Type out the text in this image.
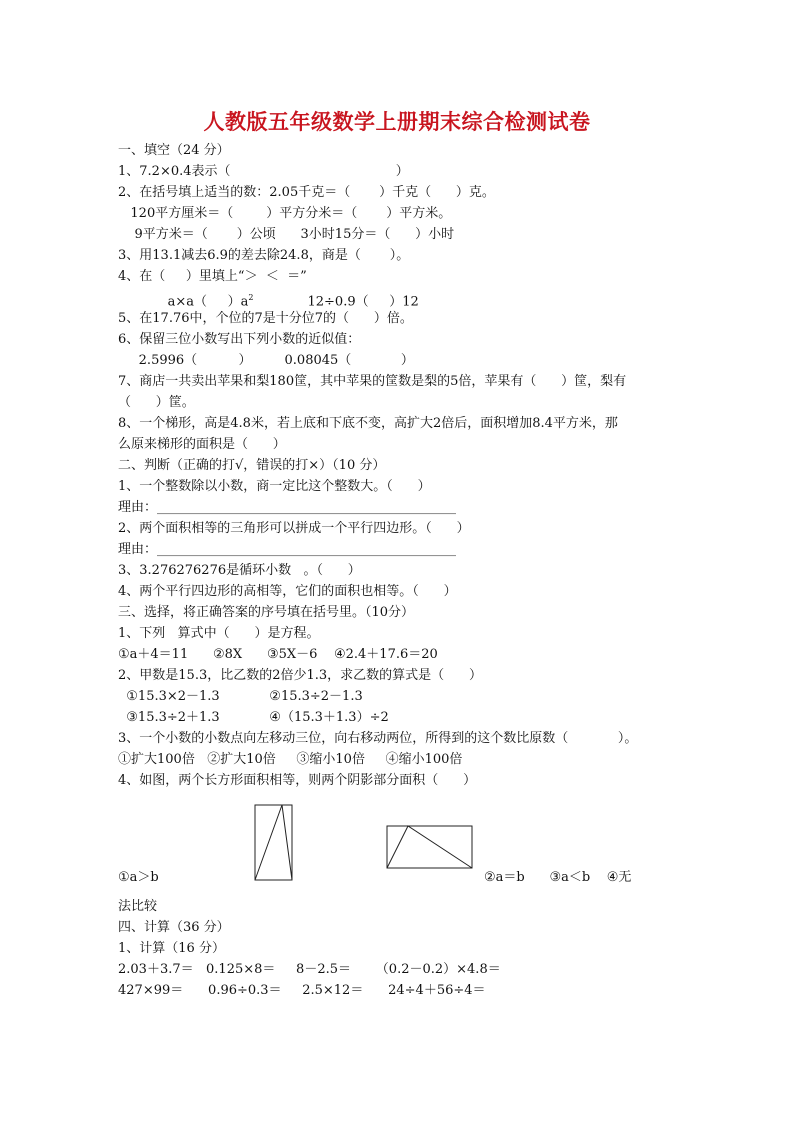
人教版五年级数学上册期末综合检测试卷
一、填空（24 分）
1、7.2×0.4表示（                                        ）
2、在括号填上适当的数：2.05千克＝（       ）千克（      ）克。
120平方厘米＝（        ）平方分米＝（       ）平方米。
9平方米＝（       ）公顷      3小时15分＝（      ）小时
3、用13.1减去6.9的差去除24.8，商是（       ）。
4、在（     ）里填上“＞  ＜  ＝”
a×a（     ）$a^2$	12÷0.9（     ）12
5、在17.76中，个位的7是十分位7的（      ）倍。
6、保留三位小数写出下列小数的近似值：
2.5996（          ）        0.08045（            ）
7、商店一共卖出苹果和梨180筐，其中苹果的筐数是梨的5倍，苹果有（      ）筐，梨有
（      ）筐。
8、一个梯形，高是4.8米，若上底和下底不变，高扩大2倍后，面积增加8.4平方米，那
么原来梯形的面积是（      ）
二、判断（正确的打√，错误的打×）（10 分）
1、一个整数除以小数，商一定比这个整数大。（      ）
理由：______________________________________________
2、两个面积相等的三角形可以拼成一个平行四边形。（      ）
理由：______________________________________________
3、3.276276276是循环小数   。（      ）
4、两个平行四边形的高相等，它们的面积也相等。（      ）
三、选择，将正确答案的序号填在括号里。（10分）
1、下列   算式中（      ）是方程。
①a＋4＝11      ②8X      ③5X－6    ④2.4＋17.6＝20
2、甲数是15.3，比乙数的2倍少1.3，求乙数的算式是（      ）
①15.3×2－1.3            ②15.3÷2－1.3
③15.3÷2＋1.3            ④（15.3＋1.3）÷2
3、一个小数的小数点向左移动三位，向右移动两位，所得到的这个数比原数（            ）。
①扩大100倍   ②扩大10倍     ③缩小10倍     ④缩小100倍
4、如图，两个长方形面积相等，则两个阴影部分面积（      ）
①a＞b	②a＝b      ③a＜b    ④无
法比较
四、计算（36 分）
1、计算（16 分）
2.03＋3.7＝   0.125×8＝     8－2.5＝      （0.2－0.2）×4.8＝
427×99＝      0.96÷0.3＝     2.5×12＝      24÷4＋56÷4＝
